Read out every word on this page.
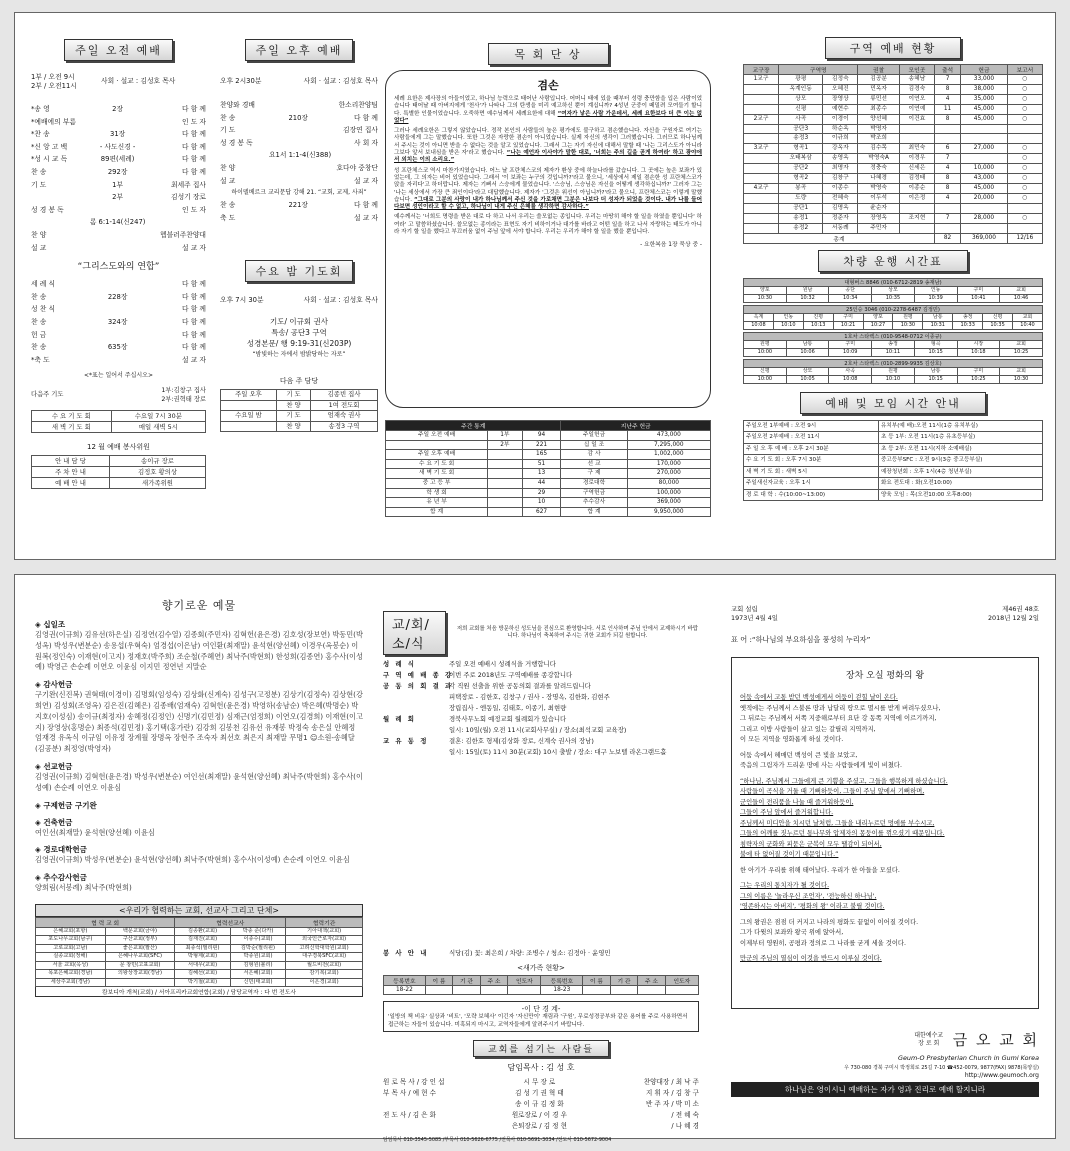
주일 오전 예배
1부 / 오전 9시
2부 / 오전11시
사회 · 설교 : 김성호 목사
*송 영	2장	다 함 께
*예배에의 부름	인 도 자
*찬 송	31장	다 함 께
*신 앙 고 백	- 사도신경 -	다 함 께
*성 시 교 독	89편(세례)	다 함 께
찬 송	292장	다 함 께
기 도	1부	최세주 집사
2부	김성기 장로
성 경 봉 독	인 도 자
롬 6:1-14(신247)
찬 양	헵블러주찬양대
설 교	설 교 자
“그리스도와의 연합”
세 례 식	다 함 께
찬 송	228장	다 함 께
성 찬 식	다 함 께
찬 송	324장	다 함 께
헌 금	다 함 께
찬 송	635장	다 함 께
*축 도	설 교 자
<*표는 일어서 주십시오>
다음주 기도
1부:김창구 집사
2부:권혁태 장로
수 요 기 도 회	수요일 7시 30분
새 벽 기 도 회	매일 새벽 5시
12 월 예배 봉사위원
안 내 담 당	송이규 장로
주 차 안 내	김정호 황의상
예 배 안 내	새가족위원
주일 오후 예배
오후 2시30분	사회 · 설교 : 김성호 목사
찬양와 경배	한소리찬양팀
찬 송	210장	다 함 께
기 도	김장연 집사
성 경 봉 독	사 회 자
요1서 1:1-4(신388)
찬 양	호다야 중창단
설 교	설 교 자
하이델베르크 교리문답 강해 21. “교회, 교제, 사죄”
찬 송	221장	다 함 께
축 도	설 교 자
수요 밤 기도회
오후 7시 30분	사회 · 설교 : 김성호 목사
기도/ 이규회 권사
특송/ 공단3 구역
성경본문/ 행 9:19-31(신203P)
“밤빛하는 자에서 밤밝당하는 자로”
다음 주 담당
주일 오후	기 도	김종빈 집사
	찬 양	1여 전도회
수요일 밤	기 도	엄재숙 권사
	찬 양	송정3 구역
목 회 단 상
겸손

세례 요한은 제사장의 아들이었고, 하나님 능력으로 태어난 사람입니다. 어머니 태에 있을 때부터 성령 충만함을 입은 사람이었습니다 태어날 때 아버지에게 '천사'가 나타나 그의 탄생을 미리 예고하신 뿐이 계십니까? 4성년 군중이 떼밀려 모여들기 할니다. 특별한 인물이었습니다. 오죽하면 예수님께서 세례요한에 대해 “여자가 낳은 사람 가운데서, 세례 요한보다 더 큰 이는 없었다”

그러나 세례요한은 그렇지 않았습니다. 정작 본인의 사람들의 높은 평가에도 불구하고 겸손했습니다. 자신을 구원자로 여기는 사람들에게 그는 말했습니다. 또한 그것은 자랑한 겸손이 아니었습니다. 실제 자신의 생각이 그러했습니다. 그러므로 하나님께서 주시는 것이 아니면 받을 수 없다는 것을 알고 있었습니다. 그래서 그는 자기 자신에 대해서 말할 때 '나는 그리스도가 아니라 그보다 앞서 보내심을 받은 자'라고 했습니다. “나는 예언자 이사야가 말한 대로, '너희는 주의 길을 곧게 하여라' 하고 광야에서 외치는 이의 소리요.”

성 프란체스코 역시 마찬가지였습니다. 어느 날 프란체스코의 제자가 환상 중에 하늘나라를 갔습니다. 그 곳에는 높은 보좌가 있었는데, 그 의자는 비어 있었습니다. 그래서 '이 보좌는 누구의 것입니까?'라고 물으니, '세상에서 제일 겸손한 성 프란체스코가 앉을 자리다'고 하더랍니다. 제자는 기뻐서 스승에게 물었습니다. '스승님, 스승님은 자신을 어떻게 생각하십니까?' 그러자 그는 '나는 세상에서 가장 큰 죄인이다'라고 대답했습니다. 제자가 '그것은 위선이 아닙니까?'라고 물으니, 프란체스코는 이렇게 말했습니다. “그대로 그분의 사랑이 내가 하나님께서 주신 것을 가로채면 그분은 나보다 더 성자가 되었을 것이다. 내가 나를 들어다보면 성인이라고 할 수 없고, 하나님이 내게 주신 은혜를 생각하면 감사하다.”

예수께서는 '너희도 명령을 받은 대로 다 하고 나서 우리는 쓸모없는 종입니다. 우리는 마땅히 해야 할 일을 하였을 뿐입니다' 하여라' 고 말씀하셨습니다. 쓸모없는 종이라는 표현도 자기 비하이거나 대가를 바라고 어떤 일을 하고 나서 자랑하는 태도가 아니라 자기 할 일을 했다고 부끄러움 없이 주님 앞에 서야 합니다. 우리는 우리가 해야 할 일을 했을 뿐입니다.

- 요한복음 1장 묵상 중 -
주간 통계			지난주 헌금	
주일 오전 예배	1부	94	주일헌금	473,000
	2부	221	십 일 조	7,295,000
주일 오후 예배		165	감 사	1,002,000
수 요 기 도 회		51	선 교	170,000
새 벽 기 도 회		13	구 제	270,000
중 고 등 부		44	경로대학	80,000
학 생 회		29	구역헌금	100,000
유 년 부		10	추수감사	369,000
합 계		627	합 계	9,950,000
구역 예배 현황
교구장	구역명		권찰	모인곳	출석	헌금	보고서
1교구	광평	김정숙	김공분	송혜남	7	33,000	○
	옥계인동	오혜진	민옥자	김경숙	8	38,000	○
	상모	장영상	류민선	이연오	4	35,000	○
	신평	예현수	최종수	이연예	11	45,000	○
2교구	사곡	이경이	양선혜	이건효	8	45,000	○
	공단3	하순옥	박명자				
	송정3	이규희	박조희				
3교구	형곡1	강옥자	김수목	최민숙	6	27,000	○
	오태복삼	송영옥	박영숙A	이경우	7		○
	공단2	최명자	정충숙	신세은	4	10,000	○
	형곡2	김창구	나혜경	김정태	8	43,000	○
4교구	봉곡	이종수	박영숙	이종순	8	45,000	○
	도량	전혜숙	이두석	이은정	4	20,000	○
	공단1	김명옥	윤순자				
	송정1	정준자	장영옥	조지현	7	28,000	○
	송정2	서동례	주민자				
총계					82	369,000	12/16
차량 운행 시간표
대형버스 8846 (010-6712-2819 송재남)						
양포	원남	공단	상모	인동	구미	교회
10:30	10:32	10:34	10:35	10:39	10:41	10:46
25인승 3046 (010-2278-6487 김정민)									
옥계	인동	진평	구미	양포	원평	남통	송정	신평	교회
10:08	10:10	10:13	10:21	10:27	10:30	10:31	10:33	10:35	10:40
1호차 스타렉스 (010-9548-0712 이종규)						
원평	남통	구미	송정	형곡	시장	교회
10:00	10:06	10:09	10:11	10:15	10:18	10:25
2호차 스타렉스 (010-2899-9935 김상호)						
신평	상모	사곡	원평	남통	구미	교회
10:00	10:05	10:08	10:10	10:15	10:25	10:30
예배 및 모임 시간 안내
주일오전 1부예배 : 오전 9시	유치부(예 배):오전 11시(1층 유치부실)
주일오전 2부예배 : 오전 11시	초 등 1부: 오전 11시(1층 유초등부실)
주 일 오 후 예 배 : 오후 2시 30분	초 등 2부: 오전 11시(지하 소예배실)
수 요 기 도 회 : 오후 7시 30분	중고등부SFC : 오전 9시(3층 중고등부실)
새 벽 기 도 회 : 새벽 5시	예장청년회 : 오후 1시(4층 청년부실)
주일새신자교육 : 오후 1시	화요 전도대 : 화(오전10:00)
경 로 대 학 : 수(10:00~13:00)	양육 모임 : 목(오전10:00 오후8:00)
향기로운 예물
◈ 십일조
김영권(이규희) 김유선(하은실) 김정연(김수열) 김종회(주민자) 김혁헌(윤은경) 김호성(장보연) 박동민(박성옥) 박성우(변분순) 송용섭(우혁숙) 엄경섭(이은남) 여인환(최재말) 윤석현(양선혜) 이경우(옥봉순) 이원복(정인숙) 이재현(이고지) 정재호(박주희) 조순철(주혜연) 최낙주(박현희) 한성희(김종연) 홍수사(이성예) 박영근 손순례 이연오 이윤심 이지민 정연년 지말순
◈ 감사헌금
구기완(신진복) 권혁태(이경이) 김명회(임성숙) 김상화(신계숙) 김성구(고정분) 김상기(김정숙) 김상현(강희연) 김성회(조영옥) 김은진(김혜은) 김종배(엄재숙) 김혁헌(윤은경) 박영하(송남순) 박은혜(박명순) 박지호(이성심) 송이규(최정자) 송혜정(김정인) 신명기(김민정) 심재근(엄정희) 이연오(김경희) 이재현(이고지) 장영상(홍명순) 최종석(김민정) 홍기택(홍가란) 김강희 김봉천 김유선 유재봉 박정숙 송은실 안혜정 엄재경 유옥식 이규임 이유정 장계월 장명옥 장현주 조숙자 최선호 최은지 최재말 무명1 ☺소원-송혜달(김공분) 최정영(박영자)
◈ 선교헌금
김영권(이규희) 김혁헌(윤은경) 박성우(변분순) 여인선(최재말) 윤석현(양선혜) 최낙주(박현희) 홍수사(이성예) 손순례 이연오 이윤심
◈ 구제헌금 구기완
◈ 건축헌금
여인선(최재말) 윤석현(양선혜) 이윤심
◈ 경로대학헌금
김영권(이규희) 박성우(변분순) 윤석현(양선혜) 최낙주(박현희) 홍수사(이성예) 손순례 이연오 이윤심
◈ 추수감사헌금
양희림(서봉례) 최낙주(박현희)
<우리가 협력하는 교회, 선교사 그리고 단체>
협 력 교 회		협력선교사		협력기관
은혜교회(포항)	백문교회(금야)	김종환(교회)	박종 준(다카)	기아대책(교회)
포도나무교회(남구)	구산교회(정부)	김재진(교회)	이종수(교회)	외국인근로자(교회)
고로교회(고남)	좋은교회(팔산)	최종석(필리핀)	김박순(필리핀)	고려신학대학원(교회)
실종교회(정해)	은혜나무교회(SFC)	박형제(교회)	박종원(교회)	대구경북SFC(교회)
서울 교회(옥성)	문 창민(고표교회)	서대우(교회)	김형원(볼리)	월드비전(교회)
목포은혜교회(경남)	의왕상장교회(경남)	김혜선(교회)	서은혜(교회)	감기복(교회)
세상주교회(경남)		박기철(교회)	신민(태교회)	이은경(교회)
캄보디아 개척(교회) / 서아프리카교회연합(교회) / 담당교역자 : 다 번 전도사
교/회/소/식
저희 교회를 처음 방문하신 성도님을 진심으로 환영합니다. 서로 인사하며 주님 안에서 교제하시기 바랍니다. 하나님이 축복하여 주시는 귀한 교회가 되길 원합니다.
성 례 식	주일 오전 예배시 성례식을 거행합니다
구 역 예 배 종 강이번 주로 2018년도 구역예배를 종강합니다
공 동 의 회 결 과각 직원 선출을 위한 공동의회 결과를 알려드립니다
피택장로 - 김한호, 김창구 / 권사 - 장명옥, 김한화, 김현주
장립집사 - 엔동일, 김태호, 이종기, 최현량
월 례 회	경북사무노회 예정교회 월례회가 있습니다
일시: 10일(월) 오전 11시(교회사무실) / 장소(최석교회 교육장)
교 유 동 정	결혼: 김한호 형제(김상화 장로, 신계숙 권사의 장남)
일시: 15일(토) 11시 30분(교회) 10시 출발 / 장소: 대구 노보텔 라온그랜드홀
봉 사 안 내	식당(김) 꽃: 최은희 / 차량: 조병수 / 청소: 김정아 · 윤영민
<새가족 현황>
등록번호	이 름	기 관	주 소	인도자	등록번호	이 름	기 관	주 소	인도자
18-22					18-23				
-이 단 경 계-
'일방의 책 비유' 실상과 '비트', '모략 보혜사' 이긴자 '자신만이' 재림과 '구원', 무료성경공부와 같은 용어를 주로 사용하면서 접근하는 자들이 있습니다. 미혹되지 마시고, 교역자들에게 알려주시기 바랍니다.
교회를 섬기는 사람들
담임목사 : 김 성 호
원 로 목 사 / 강 인 섭	시 무 장 로	찬양대장 / 최 낙 주
부 목 사 / 예 현 수	김 성 기 권 혁 태	지 휘 자 / 김 창 구
송 이 규 김 정 화	반 주 자 / 박 미 소
전 도 사 / 김 은 화	원로장로 / 이 경 우	/ 전 혜 숙
은퇴장로 / 김 정 현	/ 나 혜 경
담임목사 010-3545-5085 /부목사 010-5626-6775 /전목사 010-5691-3034 /전도사 010-5672-9004
교회 설립
1973년 4월 4일
제46권 48호
2018년 12월 2일
표 어 :“하나님의 부요하심을 풍성히 누리자”
장차 오실 평화의 왕
어둠 속에서 고통 받던 백성에게서 어둠이 걷힐 날이 온다.
옛적에는 주님께서 스불론 땅과 납달리 땅으로 멸시를 받게 버려두셨으나,
그 뒤로는 주님께서 서쪽 지중해로부터 요단 강 동쪽 지역에 이르기까지,
그리고 이방 사람들이 살고 있는 갈릴리 지역까지,
이 모든 지역을 영화롭게 하실 것이다.
어둠 속에서 헤매던 백성이 큰 빛을 보았고,
죽음의 그림자가 드리운 땅에 사는 사람들에게 빛이 비쳤다.
“하나님, 주님께서 그들에게 큰 기쁨을 주셨고, 그들을 행복하게 하셨습니다.
사람들이 곡식을 거둘 때 기뻐하듯이, 그들이 주님 앞에서 기뻐하며,
군인들이 전리품을 나눌 때 즐거워하듯이,
그들이 주님 앞에서 즐거워합니다.
주님께서 미디안을 치시던 날처럼, 그들을 내리누르던 멍에를 부수시고,
그들의 어깨를 짓누르던 통나무와 압제자의 몽둥이를 꺾으셨기 때문입니다.
침략자의 군화와 피묻은 군복이 모두 땔감이 되어서,
불에 타 없어질 것이기 때문입니다.”
한 아기가 우리를 위해 태어났다. 우리가 한 아들을 모셨다.
그는 우리의 통치자가 될 것이다.
그의 이름은 '놀라우신 조언자', '전능하신 하나님',
'영존하시는 아버지', '평화의 왕' 이라고 불릴 것이다.
그의 왕권은 점점 더 커지고 나라의 평화도 끝없이 이어질 것이다.
그가 다윗의 보좌와 왕국 위에 앉아서,
이제부터 영원히, 공평과 정의로 그 나라를 굳게 세울 것이다.
만군의 주님의 열심이 이것을 반드시 이루실 것이다.
대한예수교 장 로 회 금 오 교 회
Geum-O Presbyterian Church in Gumi Korea
우 730-080 경북 구미시 박정희로 25길 7-10 ☎452-0079, 9877(FAX) 9878(목양실)
http://www.geumoch.org
하나님은 영이시니 예배하는 자가 영과 진리로 예배 할지니라
